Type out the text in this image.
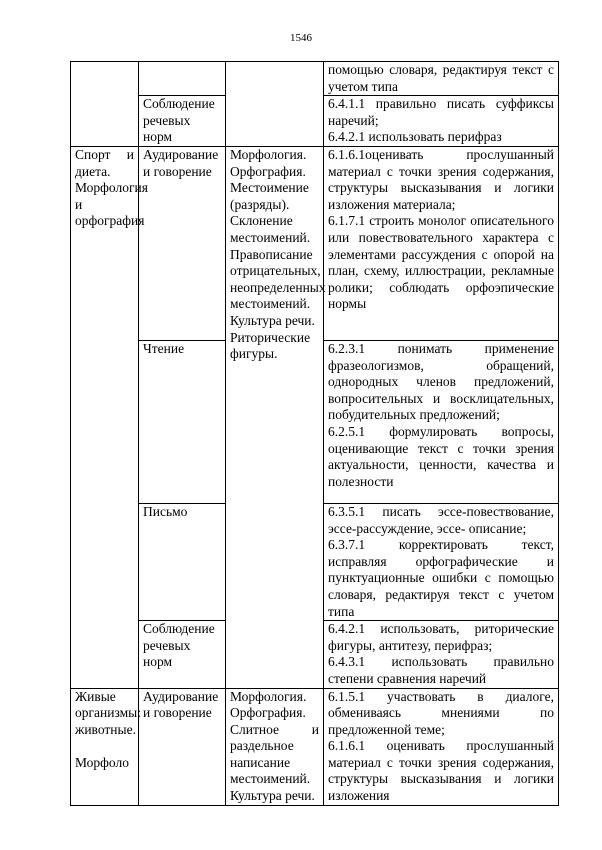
1546
			помощью словаря, редактируя текст с учетом типа
	Соблюдение речевых норм		6.4.1.1 правильно писать суффиксы наречий;
6.4.2.1 использовать перифраз

Спорт и диета. Морфология и орфография	Аудирование и говорение	Морфология. Орфография. Местоимение (разряды). Склонение местоимений. Правописание отрицательных, неопределенных местоимений. Культура речи. Риторические фигуры.	6.1.6.1оценивать прослушанный материал с точки зрения содержания, структуры высказывания и логики изложения материала;
6.1.7.1 строить монолог описательного или повествовательного характера с элементами рассуждения с опорой на план, схему, иллюстрации, рекламные ролики; соблюдать орфоэпические нормы

	Чтение		6.2.3.1 понимать применение фразеологизмов, обращений, однородных членов предложений, вопросительных и восклицательных, побудительных предложений;
6.2.5.1 формулировать вопросы, оценивающие текст с точки зрения актуальности, ценности, качества и полезности

	Письмо		6.3.5.1 писать эссе-повествование, эссе-рассуждение, эссе- описание;
6.3.7.1 корректировать текст, исправляя орфографические и пунктуационные ошибки с помощью словаря, редактируя текст с учетом типа

	Соблюдение речевых норм		6.4.2.1 использовать, риторические фигуры, антитезу, перифраз;
6.4.3.1 использовать правильно степени сравнения наречий

Живые организмы: животные.

Морфоло	Аудирование и говорение	Морфология. Орфография. Слитное и раздельное написание местоимений. Культура речи.	6.1.5.1 участвовать в диалоге, обмениваясь мнениями по предложенной теме;
6.1.6.1 оценивать прослушанный материал с точки зрения содержания, структуры высказывания и логики изложения
